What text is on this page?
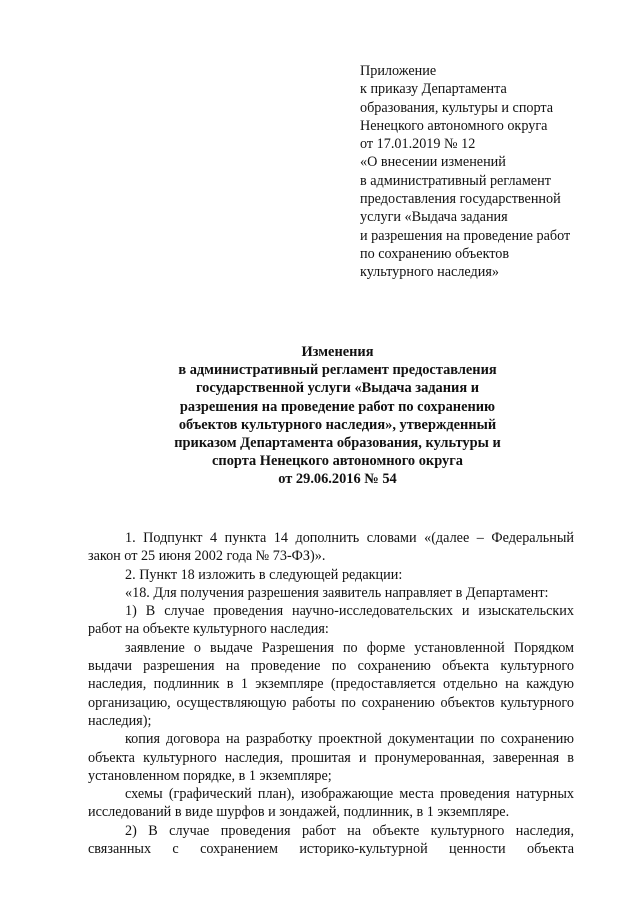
Приложение
к приказу Департамента
образования, культуры и спорта
Ненецкого автономного округа
от 17.01.2019 № 12
«О внесении изменений
в административный регламент
предоставления государственной
услуги «Выдача задания
и разрешения на проведение работ
по сохранению объектов
культурного наследия»
Изменения
в административный регламент предоставления
государственной услуги «Выдача задания и
разрешения на проведение работ по сохранению
объектов культурного наследия», утвержденный
приказом Департамента образования, культуры и
спорта Ненецкого автономного округа
от 29.06.2016 № 54

1. Подпункт 4 пункта 14 дополнить словами «(далее – Федеральный закон от 25 июня 2002 года № 73-ФЗ)».

2. Пункт 18 изложить в следующей редакции:

«18. Для получения разрешения заявитель направляет в Департамент:

1) В случае проведения научно-исследовательских и изыскательских работ на объекте культурного наследия:

заявление о выдаче Разрешения по форме установленной Порядком выдачи разрешения на проведение по сохранению объекта культурного наследия, подлинник в 1 экземпляре (предоставляется отдельно на каждую организацию, осуществляющую работы по сохранению объектов культурного наследия);

копия договора на разработку проектной документации по сохранению объекта культурного наследия, прошитая и пронумерованная, заверенная в установленном порядке, в 1 экземпляре;

схемы (графический план), изображающие места проведения натурных исследований в виде шурфов и зондажей, подлинник, в 1 экземпляре.

2) В случае проведения работ на объекте культурного наследия, связанных с сохранением историко-культурной ценности объекта
